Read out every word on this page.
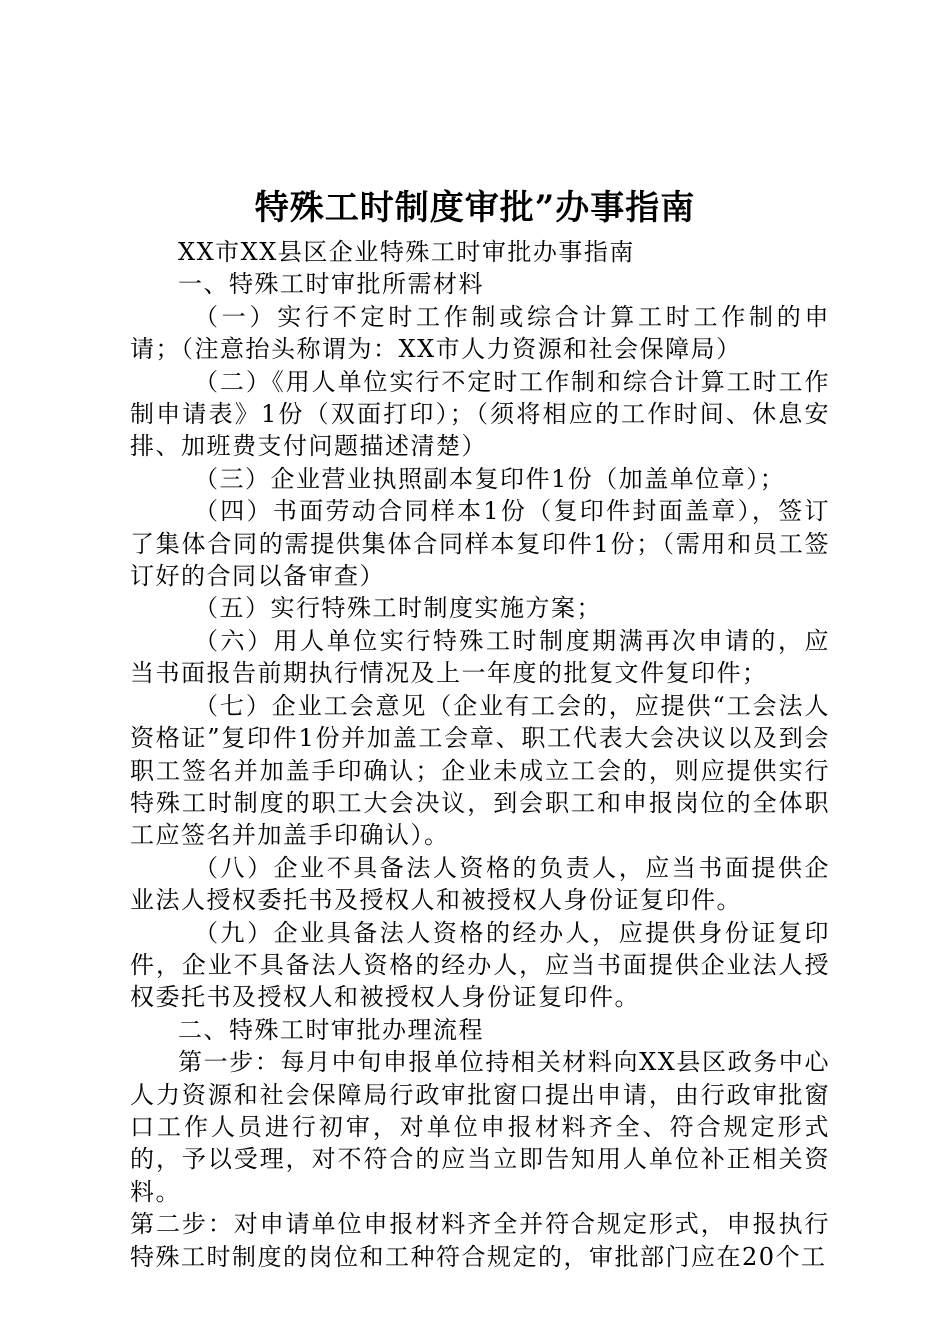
特殊工时制度审批”办事指南

XX市XX县区企业特殊工时审批办事指南

一、特殊工时审批所需材料

（一）实行不定时工作制或综合计算工时工作制的申请；（注意抬头称谓为：XX市人力资源和社会保障局）

（二）《用人单位实行不定时工作制和综合计算工时工作制申请表》1份（双面打印）；（须将相应的工作时间、休息安排、加班费支付问题描述清楚）

（三）企业营业执照副本复印件1份（加盖单位章）；

（四）书面劳动合同样本1份（复印件封面盖章），签订了集体合同的需提供集体合同样本复印件1份；（需用和员工签订好的合同以备审查）

（五）实行特殊工时制度实施方案；

（六）用人单位实行特殊工时制度期满再次申请的，应当书面报告前期执行情况及上一年度的批复文件复印件；

（七）企业工会意见（企业有工会的，应提供“工会法人资格证”复印件1份并加盖工会章、职工代表大会决议以及到会职工签名并加盖手印确认；企业未成立工会的，则应提供实行特殊工时制度的职工大会决议，到会职工和申报岗位的全体职工应签名并加盖手印确认）。

（八）企业不具备法人资格的负责人，应当书面提供企业法人授权委托书及授权人和被授权人身份证复印件。

（九）企业具备法人资格的经办人，应提供身份证复印件，企业不具备法人资格的经办人，应当书面提供企业法人授权委托书及授权人和被授权人身份证复印件。

二、特殊工时审批办理流程

第一步：每月中旬申报单位持相关材料向XX县区政务中心人力资源和社会保障局行政审批窗口提出申请，由行政审批窗口工作人员进行初审，对单位申报材料齐全、符合规定形式的，予以受理，对不符合的应当立即告知用人单位补正相关资料。

第二步：对申请单位申报材料齐全并符合规定形式，申报执行特殊工时制度的岗位和工种符合规定的，审批部门应在20个工
